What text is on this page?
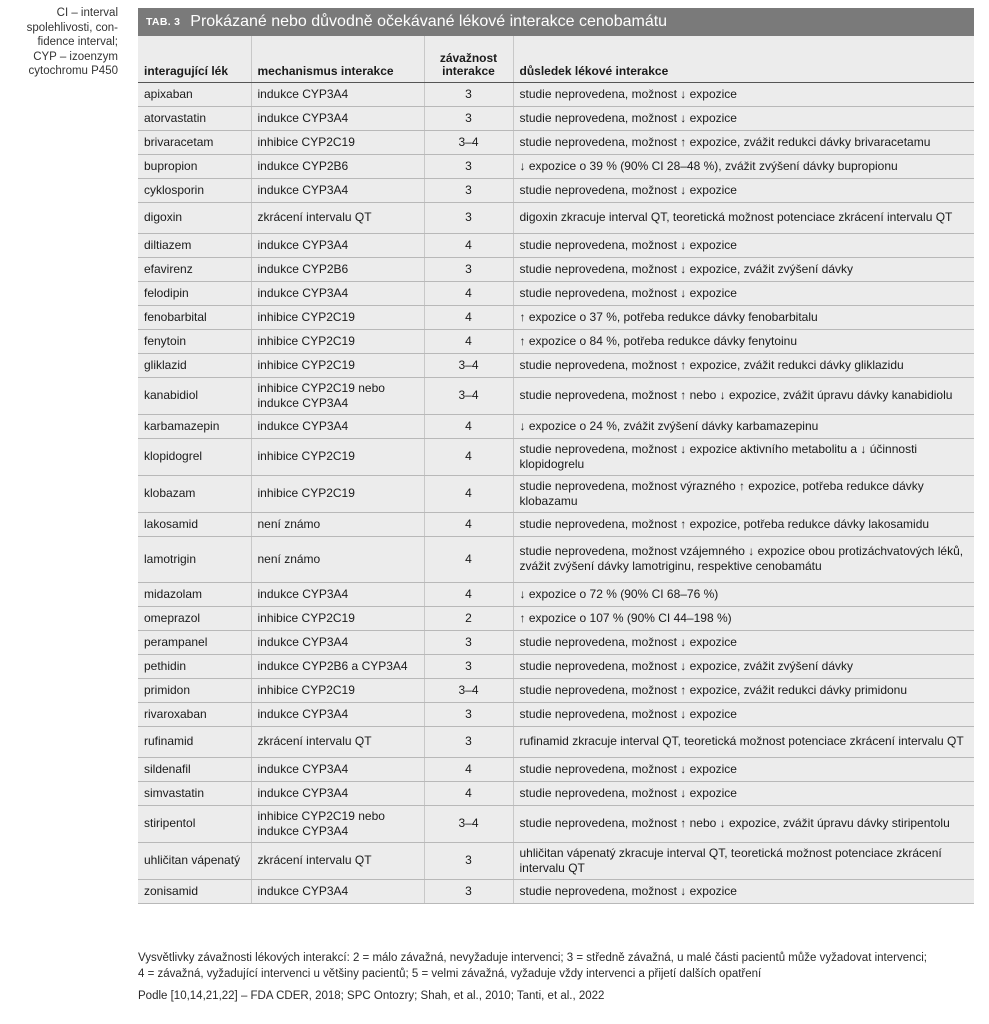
CI – interval
spolehlivosti, con-
fidence interval;
CYP – izoenzym
cytochromu P450
TAB. 3 Prokázané nebo důvodně očekávané lékové interakce cenobamátu
interagující lék	mechanismus interakce	závažnost interakce	důsledek lékové interakce
apixaban	indukce CYP3A4	3	studie neprovedena, možnost ↓ expozice
atorvastatin	indukce CYP3A4	3	studie neprovedena, možnost ↓ expozice
brivaracetam	inhibice CYP2C19	3–4	studie neprovedena, možnost ↑ expozice, zvážit redukci dávky brivaracetamu
bupropion	indukce CYP2B6	3	↓ expozice o 39 % (90% CI 28–48 %), zvážit zvýšení dávky bupropionu
cyklosporin	indukce CYP3A4	3	studie neprovedena, možnost ↓ expozice
digoxin	zkrácení intervalu QT	3	digoxin zkracuje interval QT, teoretická možnost potenciace zkrácení intervalu QT
diltiazem	indukce CYP3A4	4	studie neprovedena, možnost ↓ expozice
efavirenz	indukce CYP2B6	3	studie neprovedena, možnost ↓ expozice, zvážit zvýšení dávky
felodipin	indukce CYP3A4	4	studie neprovedena, možnost ↓ expozice
fenobarbital	inhibice CYP2C19	4	↑ expozice o 37 %, potřeba redukce dávky fenobarbitalu
fenytoin	inhibice CYP2C19	4	↑ expozice o 84 %, potřeba redukce dávky fenytoinu
gliklazid	inhibice CYP2C19	3–4	studie neprovedena, možnost ↑ expozice, zvážit redukci dávky gliklazidu
kanabidiol	inhibice CYP2C19 nebo indukce CYP3A4	3–4	studie neprovedena, možnost ↑ nebo ↓ expozice, zvážit úpravu dávky kanabidiolu
karbamazepin	indukce CYP3A4	4	↓ expozice o 24 %, zvážit zvýšení dávky karbamazepinu
klopidogrel	inhibice CYP2C19	4	studie neprovedena, možnost ↓ expozice aktivního metabolitu a ↓ účinnosti klopidogrelu
klobazam	inhibice CYP2C19	4	studie neprovedena, možnost výrazného ↑ expozice, potřeba redukce dávky klobazamu
lakosamid	není známo	4	studie neprovedena, možnost ↑ expozice, potřeba redukce dávky lakosamidu
lamotrigin	není známo	4	studie neprovedena, možnost vzájemného ↓ expozice obou protizáchvatových léků, zvážit zvýšení dávky lamotriginu, respektive cenobamátu
midazolam	indukce CYP3A4	4	↓ expozice o 72 % (90% CI 68–76 %)
omeprazol	inhibice CYP2C19	2	↑ expozice o 107 % (90% CI 44–198 %)
perampanel	indukce CYP3A4	3	studie neprovedena, možnost ↓ expozice
pethidin	indukce CYP2B6 a CYP3A4	3	studie neprovedena, možnost ↓ expozice, zvážit zvýšení dávky
primidon	inhibice CYP2C19	3–4	studie neprovedena, možnost ↑ expozice, zvážit redukci dávky primidonu
rivaroxaban	indukce CYP3A4	3	studie neprovedena, možnost ↓ expozice
rufinamid	zkrácení intervalu QT	3	rufinamid zkracuje interval QT, teoretická možnost potenciace zkrácení intervalu QT
sildenafil	indukce CYP3A4	4	studie neprovedena, možnost ↓ expozice
simvastatin	indukce CYP3A4	4	studie neprovedena, možnost ↓ expozice
stiripentol	inhibice CYP2C19 nebo indukce CYP3A4	3–4	studie neprovedena, možnost ↑ nebo ↓ expozice, zvážit úpravu dávky stiripentolu
uhličitan vápenatý	zkrácení intervalu QT	3	uhličitan vápenatý zkracuje interval QT, teoretická možnost potenciace zkrácení intervalu QT
zonisamid	indukce CYP3A4	3	studie neprovedena, možnost ↓ expozice

Vysvětlivky závažnosti lékových interakcí: 2 = málo závažná, nevyžaduje intervenci; 3 = středně závažná, u malé části pacientů může vyžadovat intervenci;

4 = závažná, vyžadující intervenci u většiny pacientů; 5 = velmi závažná, vyžaduje vždy intervenci a přijetí dalších opatření

Podle [10,14,21,22] – FDA CDER, 2018; SPC Ontozry; Shah, et al., 2010; Tanti, et al., 2022
